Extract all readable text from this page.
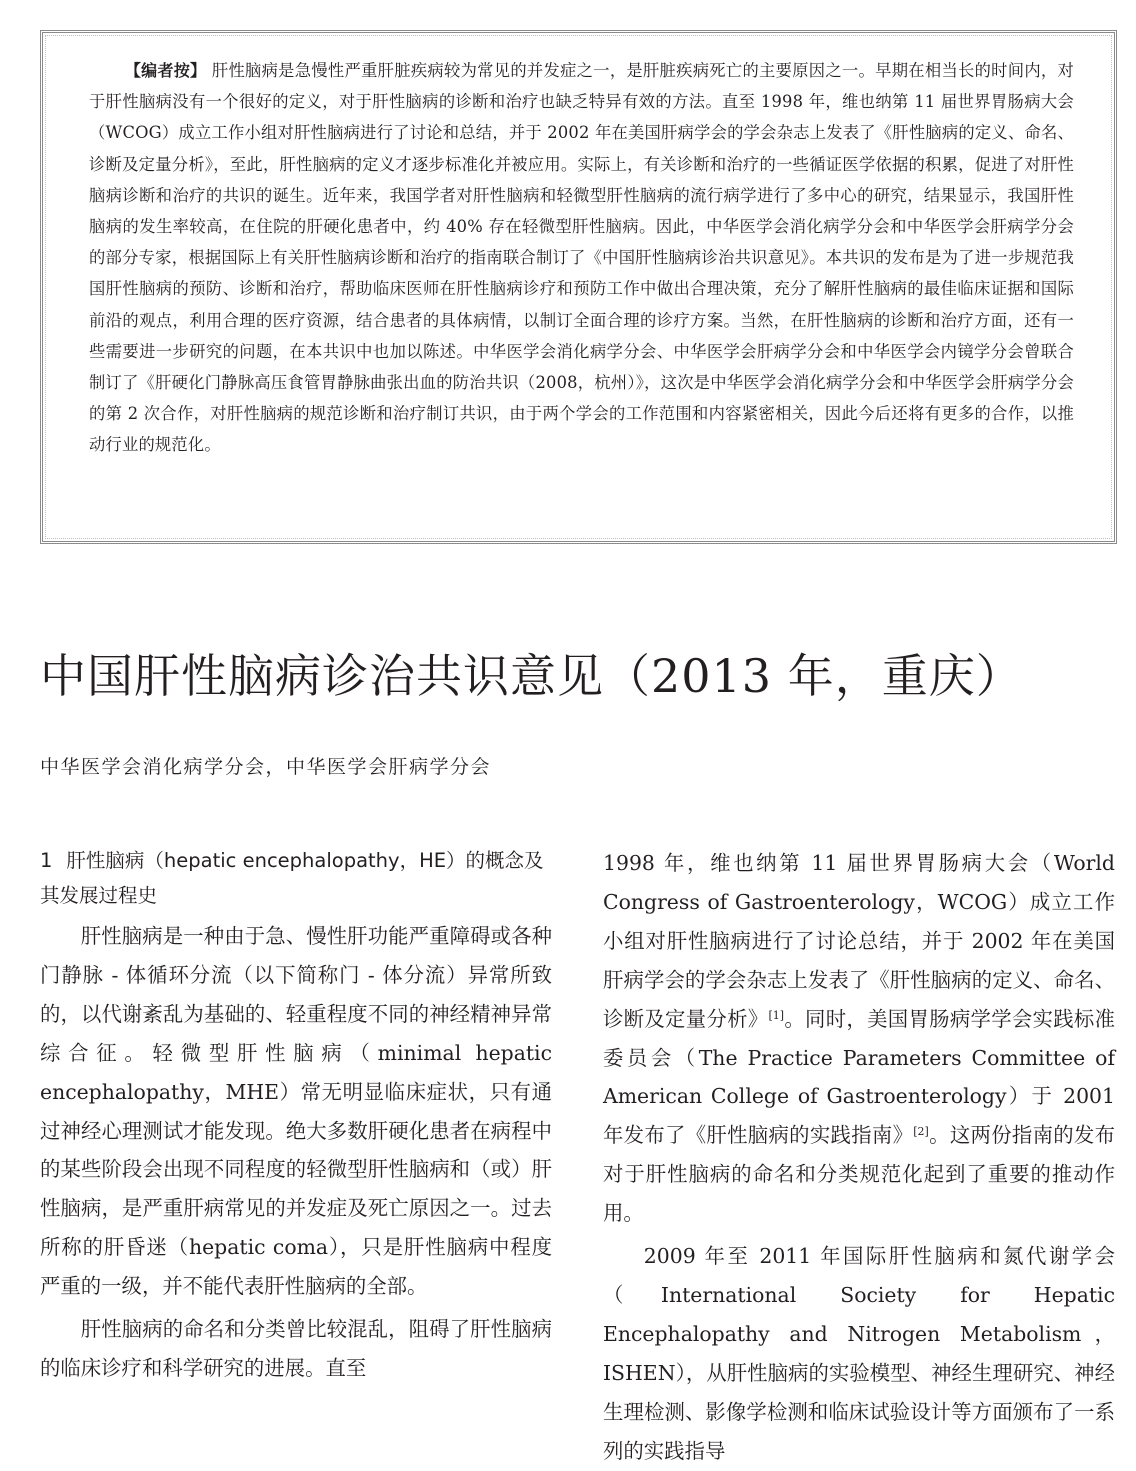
【编者按】 肝性脑病是急慢性严重肝脏疾病较为常见的并发症之一，是肝脏疾病死亡的主要原因之一。早期在相当长的时间内，对于肝性脑病没有一个很好的定义，对于肝性脑病的诊断和治疗也缺乏特异有效的方法。直至 1998 年，维也纳第 11 届世界胃肠病大会（WCOG）成立工作小组对肝性脑病进行了讨论和总结，并于 2002 年在美国肝病学会的学会杂志上发表了《肝性脑病的定义、命名、诊断及定量分析》，至此，肝性脑病的定义才逐步标准化并被应用。实际上，有关诊断和治疗的一些循证医学依据的积累，促进了对肝性脑病诊断和治疗的共识的诞生。近年来，我国学者对肝性脑病和轻微型肝性脑病的流行病学进行了多中心的研究，结果显示，我国肝性脑病的发生率较高，在住院的肝硬化患者中，约 40% 存在轻微型肝性脑病。因此，中华医学会消化病学分会和中华医学会肝病学分会的部分专家，根据国际上有关肝性脑病诊断和治疗的指南联合制订了《中国肝性脑病诊治共识意见》。本共识的发布是为了进一步规范我国肝性脑病的预防、诊断和治疗，帮助临床医师在肝性脑病诊疗和预防工作中做出合理决策，充分了解肝性脑病的最佳临床证据和国际前沿的观点，利用合理的医疗资源，结合患者的具体病情，以制订全面合理的诊疗方案。当然，在肝性脑病的诊断和治疗方面，还有一些需要进一步研究的问题，在本共识中也加以陈述。中华医学会消化病学分会、中华医学会肝病学分会和中华医学会内镜学分会曾联合制订了《肝硬化门静脉高压食管胃静脉曲张出血的防治共识（2008，杭州）》，这次是中华医学会消化病学分会和中华医学会肝病学分会的第 2 次合作，对肝性脑病的规范诊断和治疗制订共识，由于两个学会的工作范围和内容紧密相关，因此今后还将有更多的合作，以推动行业的规范化。

中国肝性脑病诊治共识意见（2013 年，重庆）

中华医学会消化病学分会，中华医学会肝病学分会

1 肝性脑病（hepatic encephalopathy，HE）的概念及其发展过程史

肝性脑病是一种由于急、慢性肝功能严重障碍或各种门静脉 - 体循环分流（以下简称门 - 体分流）异常所致的，以代谢紊乱为基础的、轻重程度不同的神经精神异常综合征。轻微型肝性脑病（minimal hepatic encephalopathy，MHE）常无明显临床症状，只有通过神经心理测试才能发现。绝大多数肝硬化患者在病程中的某些阶段会出现不同程度的轻微型肝性脑病和（或）肝性脑病，是严重肝病常见的并发症及死亡原因之一。过去所称的肝昏迷（hepatic coma），只是肝性脑病中程度严重的一级，并不能代表肝性脑病的全部。

肝性脑病的命名和分类曾比较混乱，阻碍了肝性脑病的临床诊疗和科学研究的进展。直至

1998 年，维也纳第 11 届世界胃肠病大会（World Congress of Gastroenterology，WCOG）成立工作小组对肝性脑病进行了讨论总结，并于 2002 年在美国肝病学会的学会杂志上发表了《肝性脑病的定义、命名、诊断及定量分析》[1]。同时，美国胃肠病学学会实践标准委员会（The Practice Parameters Committee of American College of Gastroenterology）于 2001 年发布了《肝性脑病的实践指南》[2]。这两份指南的发布对于肝性脑病的命名和分类规范化起到了重要的推动作用。

2009 年至 2011 年国际肝性脑病和氮代谢学会（International Society for Hepatic Encephalopathy and Nitrogen Metabolism，ISHEN），从肝性脑病的实验模型、神经生理研究、神经生理检测、影像学检测和临床试验设计等方面颁布了一系列的实践指导
